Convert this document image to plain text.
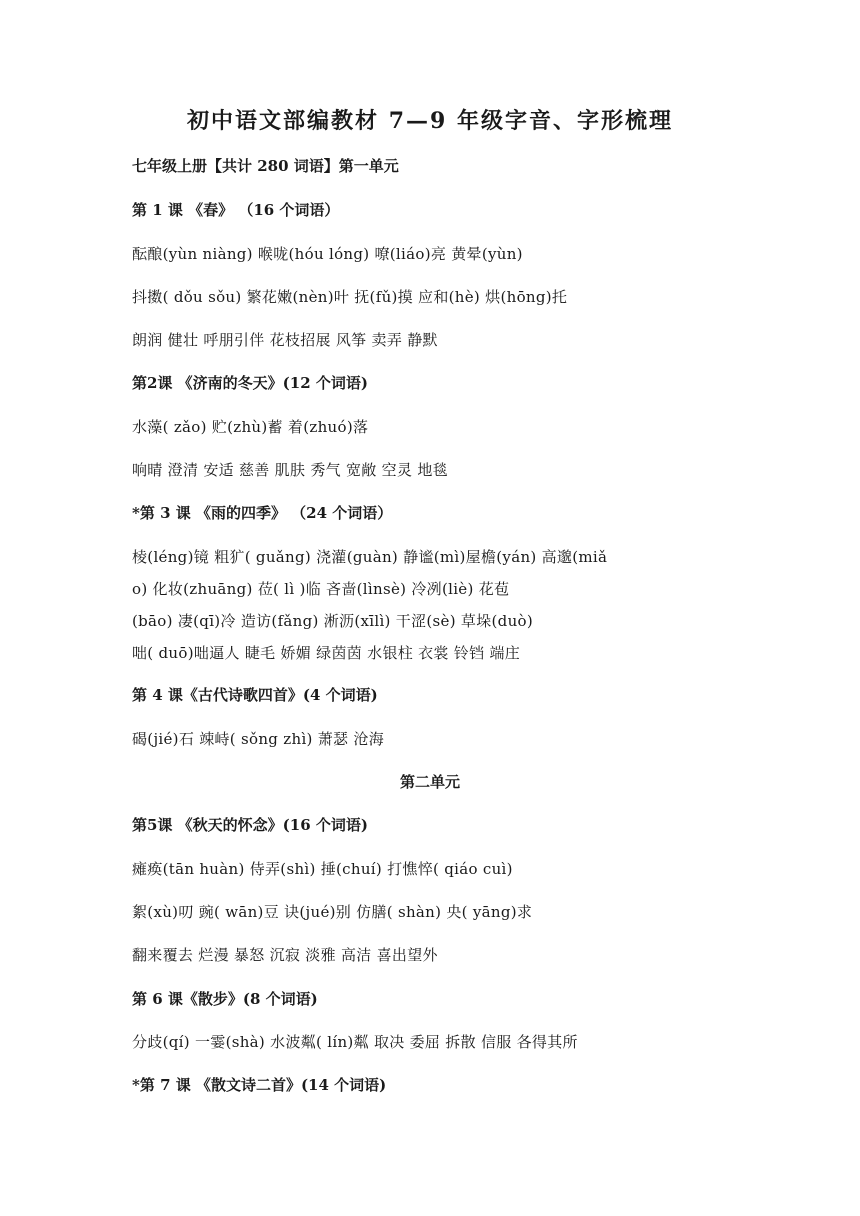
初中语文部编教材 7—9 年级字音、字形梳理
七年级上册【共计 280 词语】第一单元
第 1 课 《春》 （16 个词语）
酝酿(yùn niàng) 喉咙(hóu lóng) 嘹(liáo)亮 黄晕(yùn)
抖擞( dǒu sǒu) 繁花嫩(nèn)叶 抚(fǔ)摸 应和(hè) 烘(hōng)托
朗润 健壮 呼朋引伴 花枝招展 风筝 卖弄 静默
第2课 《济南的冬天》(12 个词语)
水藻( zǎo) 贮(zhù)蓄 着(zhuó)落
响晴 澄清 安适 慈善 肌肤 秀气 宽敞 空灵 地毯
*第 3 课 《雨的四季》 （24 个词语）
棱(léng)镜 粗犷( guǎng) 浇灌(guàn) 静谧(mì)屋檐(yán) 高邈(miǎ
o) 化妆(zhuāng) 莅( lì )临 吝啬(lìnsè) 冷冽(liè) 花苞
(bāo) 凄(qī)冷 造访(fǎng) 淅沥(xīlì) 干涩(sè) 草垛(duò)
咄( duō)咄逼人 睫毛 娇媚 绿茵茵 水银柱 衣裳 铃铛 端庄
第 4 课《古代诗歌四首》(4 个词语)
碣(jié)石 竦峙( sǒng zhì) 萧瑟 沧海
第二单元
第5课 《秋天的怀念》(16 个词语)
瘫痪(tān huàn) 侍弄(shì) 捶(chuí) 打憔悴( qiáo cuì)
絮(xù)叨 豌( wān)豆 诀(jué)别 仿膳( shàn) 央( yāng)求
翻来覆去 烂漫 暴怒 沉寂 淡雅 高洁 喜出望外
第 6 课《散步》(8 个词语)
分歧(qí) 一霎(shà) 水波粼( lín)粼 取决 委屈 拆散 信服 各得其所
*第 7 课 《散文诗二首》(14 个词语)
